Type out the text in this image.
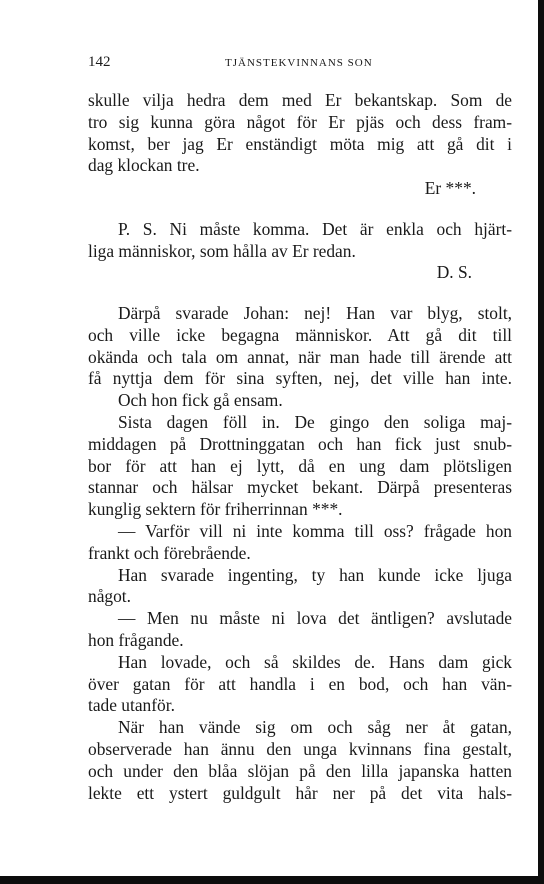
142	TJÄNSTEKVINNANS SON
skulle vilja hedra dem med Er bekantskap. Som de
tro sig kunna göra något för Er pjäs och dess fram-
komst, ber jag Er enständigt möta mig att gå dit i
dag klockan tre.
Er ***.
P. S. Ni måste komma. Det är enkla och hjärt-
liga människor, som hålla av Er redan.
D. S.
Därpå svarade Johan: nej! Han var blyg, stolt,
och ville icke begagna människor. Att gå dit till
okända och tala om annat, när man hade till ärende att
få nyttja dem för sina syften, nej, det ville han inte.
Och hon fick gå ensam.
Sista dagen föll in. De gingo den soliga maj-
middagen på Drottninggatan och han fick just snub-
bor för att han ej lytt, då en ung dam plötsligen
stannar och hälsar mycket bekant. Därpå presenteras
kunglig sektern för friherrinnan ***.
— Varför vill ni inte komma till oss? frågade hon
frankt och förebrående.
Han svarade ingenting, ty han kunde icke ljuga
något.
— Men nu måste ni lova det äntligen? avslutade
hon frågande.
Han lovade, och så skildes de. Hans dam gick
över gatan för att handla i en bod, och han vän-
tade utanför.
När han vände sig om och såg ner åt gatan,
observerade han ännu den unga kvinnans fina gestalt,
och under den blåa slöjan på den lilla japanska hatten
lekte ett ystert guldgult hår ner på det vita hals-
